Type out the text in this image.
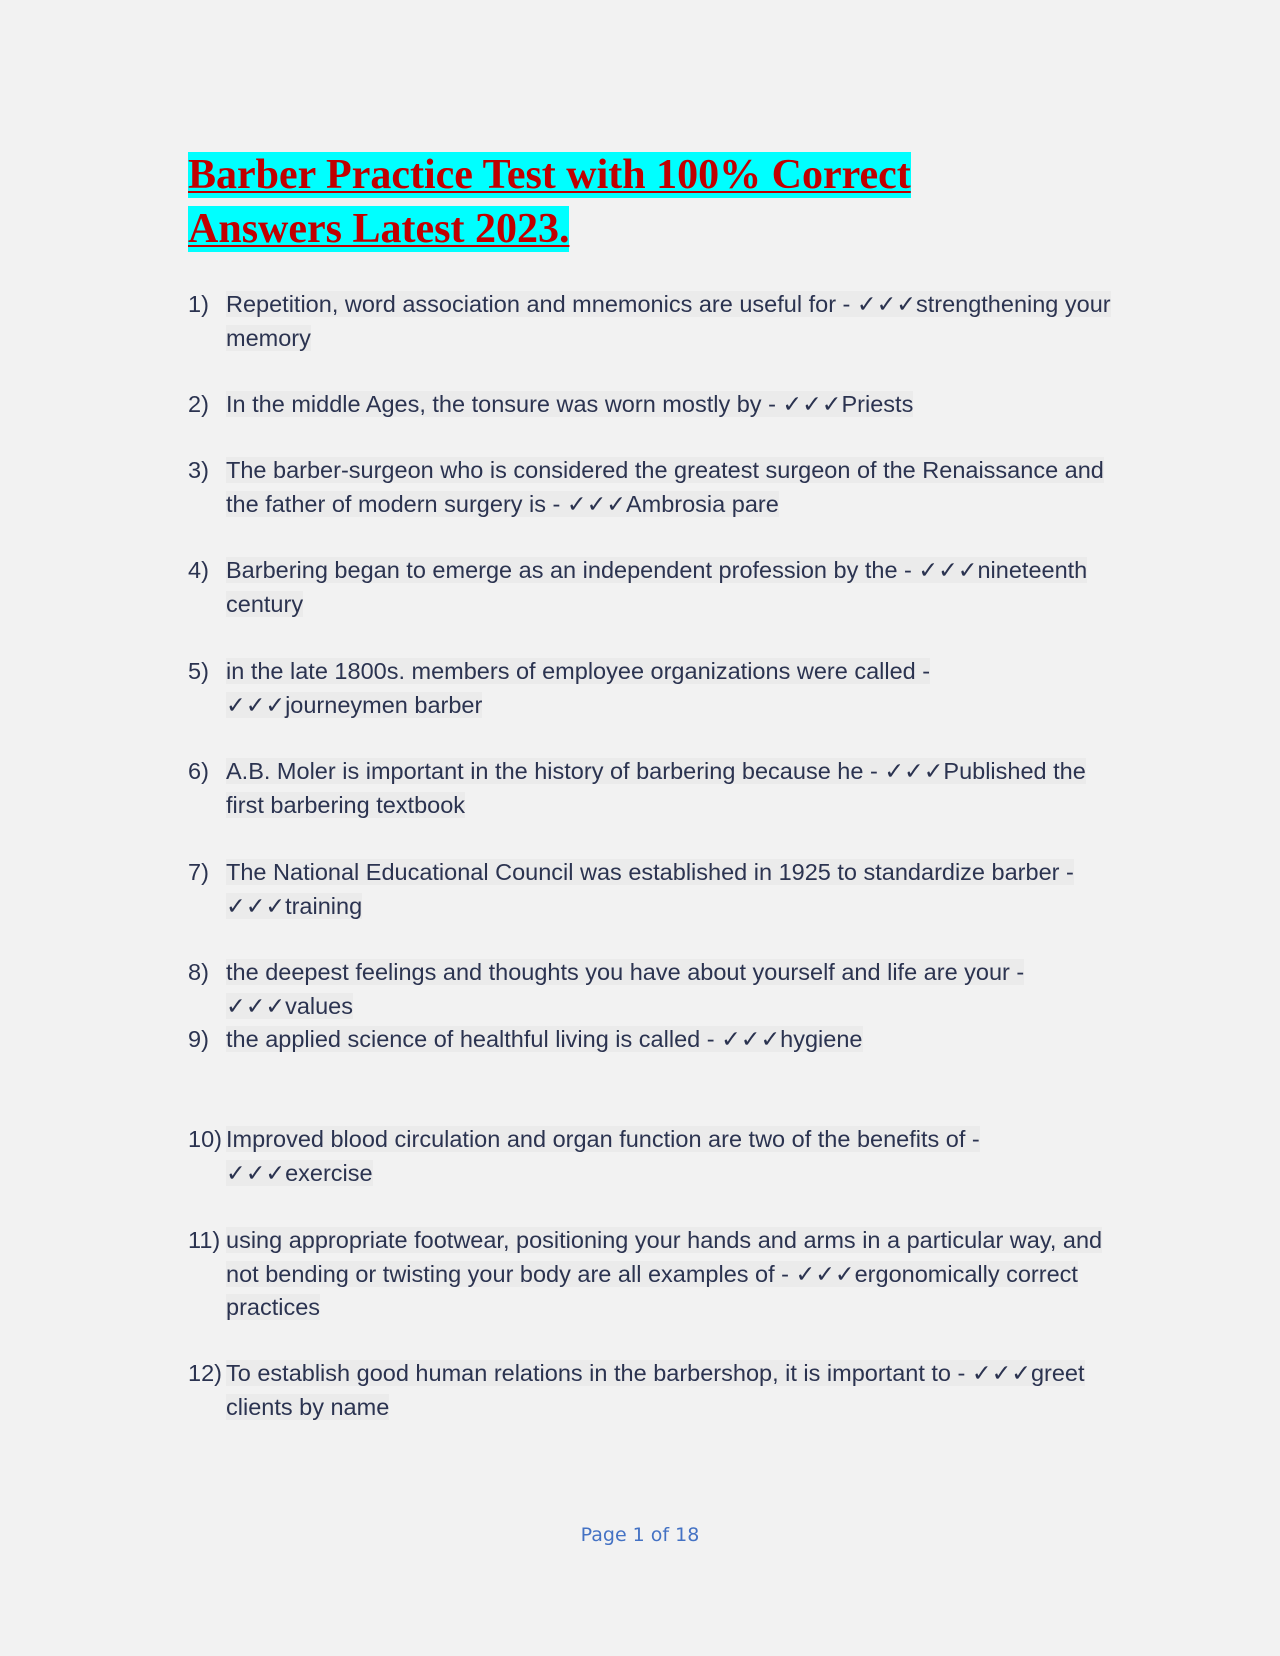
Barber Practice Test with 100% Correct Answers Latest 2023.
1) Repetition, word association and mnemonics are useful for - ✓✓✓strengthening your memory
2) In the middle Ages, the tonsure was worn mostly by - ✓✓✓Priests
3) The barber-surgeon who is considered the greatest surgeon of the Renaissance and the father of modern surgery is - ✓✓✓Ambrosia pare
4) Barbering began to emerge as an independent profession by the - ✓✓✓nineteenth century
5) in the late 1800s. members of employee organizations were called - ✓✓✓journeymen barber
6) A.B. Moler is important in the history of barbering because he - ✓✓✓Published the first barbering textbook
7) The National Educational Council was established in 1925 to standardize barber - ✓✓✓training
8) the deepest feelings and thoughts you have about yourself and life are your - ✓✓✓values
9) the applied science of healthful living is called - ✓✓✓hygiene
10) Improved blood circulation and organ function are two of the benefits of - ✓✓✓exercise
11) using appropriate footwear, positioning your hands and arms in a particular way, and not bending or twisting your body are all examples of - ✓✓✓ergonomically correct practices
12) To establish good human relations in the barbershop, it is important to - ✓✓✓greet clients by name
Page 1 of 18
